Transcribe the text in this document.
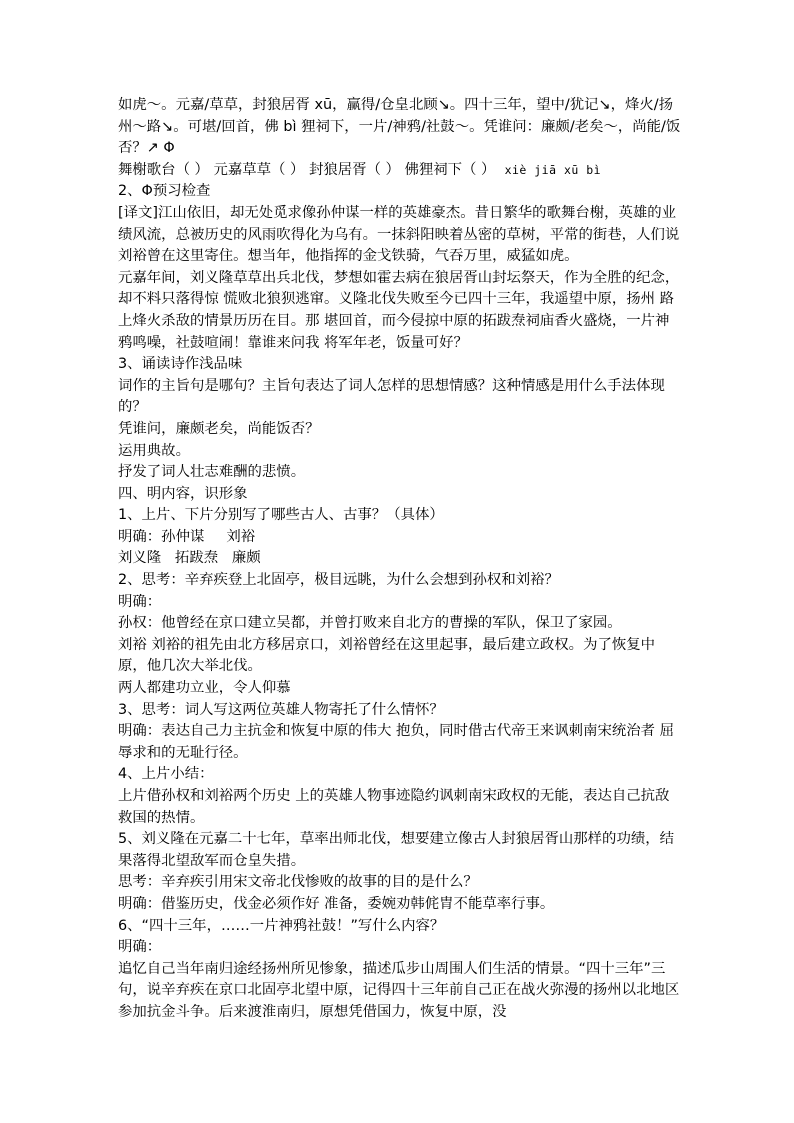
如虎～。元嘉/草草，封狼居胥 xū，赢得/仓皇北顾↘。四十三年，望中/犹记↘，烽火/扬州～路↘。可堪/回首，佛 bì 狸祠下，一片/神鸦/社鼓～。凭谁问：廉颇/老矣～，尚能/饭否？↗ Φ

舞榭歌台（ ） 元嘉草草（ ） 封狼居胥（ ） 佛狸祠下（ ） xiè jiā xū bì

2、Φ预习检查

[译文]江山依旧，却无处觅求像孙仲谋一样的英雄豪杰。昔日繁华的歌舞台榭，英雄的业绩风流，总被历史的风雨吹得化为乌有。一抹斜阳映着丛密的草树，平常的街巷，人们说刘裕曾在这里寄住。想当年，他指挥的金戈铁骑，气吞万里，威猛如虎。

元嘉年间，刘义隆草草出兵北伐，梦想如霍去病在狼居胥山封坛祭天，作为全胜的纪念，却不料只落得惊 慌败北狼狈逃窜。义隆北伐失败至今已四十三年，我遥望中原，扬州 路上烽火杀敌的情景历历在目。那 堪回首，而今侵掠中原的拓跋焘祠庙香火盛烧，一片神鸦鸣噪，社鼓喧闹！靠谁来问我 将军年老，饭量可好？

3、诵读诗作浅品味

词作的主旨句是哪句？主旨句表达了词人怎样的思想情感？这种情感是用什么手法体现的？

凭谁问，廉颇老矣，尚能饭否？

运用典故。

抒发了词人壮志难酬的悲愤。

四、明内容，识形象

1、上片、下片分别写了哪些古人、古事？（具体）

明确：孙仲谋 刘裕

刘义隆 拓跋焘 廉颇

2、思考：辛弃疾登上北固亭，极目远眺，为什么会想到孙权和刘裕？

明确：

孙权：他曾经在京口建立吴都，并曾打败来自北方的曹操的军队，保卫了家园。

刘裕 刘裕的祖先由北方移居京口，刘裕曾经在这里起事，最后建立政权。为了恢复中原，他几次大举北伐。

两人都建功立业，令人仰慕

3、思考：词人写这两位英雄人物寄托了什么情怀？

明确：表达自己力主抗金和恢复中原的伟大 抱负，同时借古代帝王来讽刺南宋统治者 屈辱求和的无耻行径。

4、上片小结：

上片借孙权和刘裕两个历史 上的英雄人物事迹隐约讽刺南宋政权的无能，表达自己抗敌救国的热情。

5、刘义隆在元嘉二十七年，草率出师北伐，想要建立像古人封狼居胥山那样的功绩，结果落得北望敌军而仓皇失措。

思考：辛弃疾引用宋文帝北伐惨败的故事的目的是什么？

明确：借鉴历史，伐金必须作好 准备，委婉劝韩侂胄不能草率行事。

6、“四十三年，……一片神鸦社鼓！”写什么内容？

明确：

追忆自己当年南归途经扬州所见惨象，描述瓜步山周围人们生活的情景。“四十三年”三句，说辛弃疾在京口北固亭北望中原，记得四十三年前自己正在战火弥漫的扬州以北地区参加抗金斗争。后来渡淮南归，原想凭借国力，恢复中原，没
